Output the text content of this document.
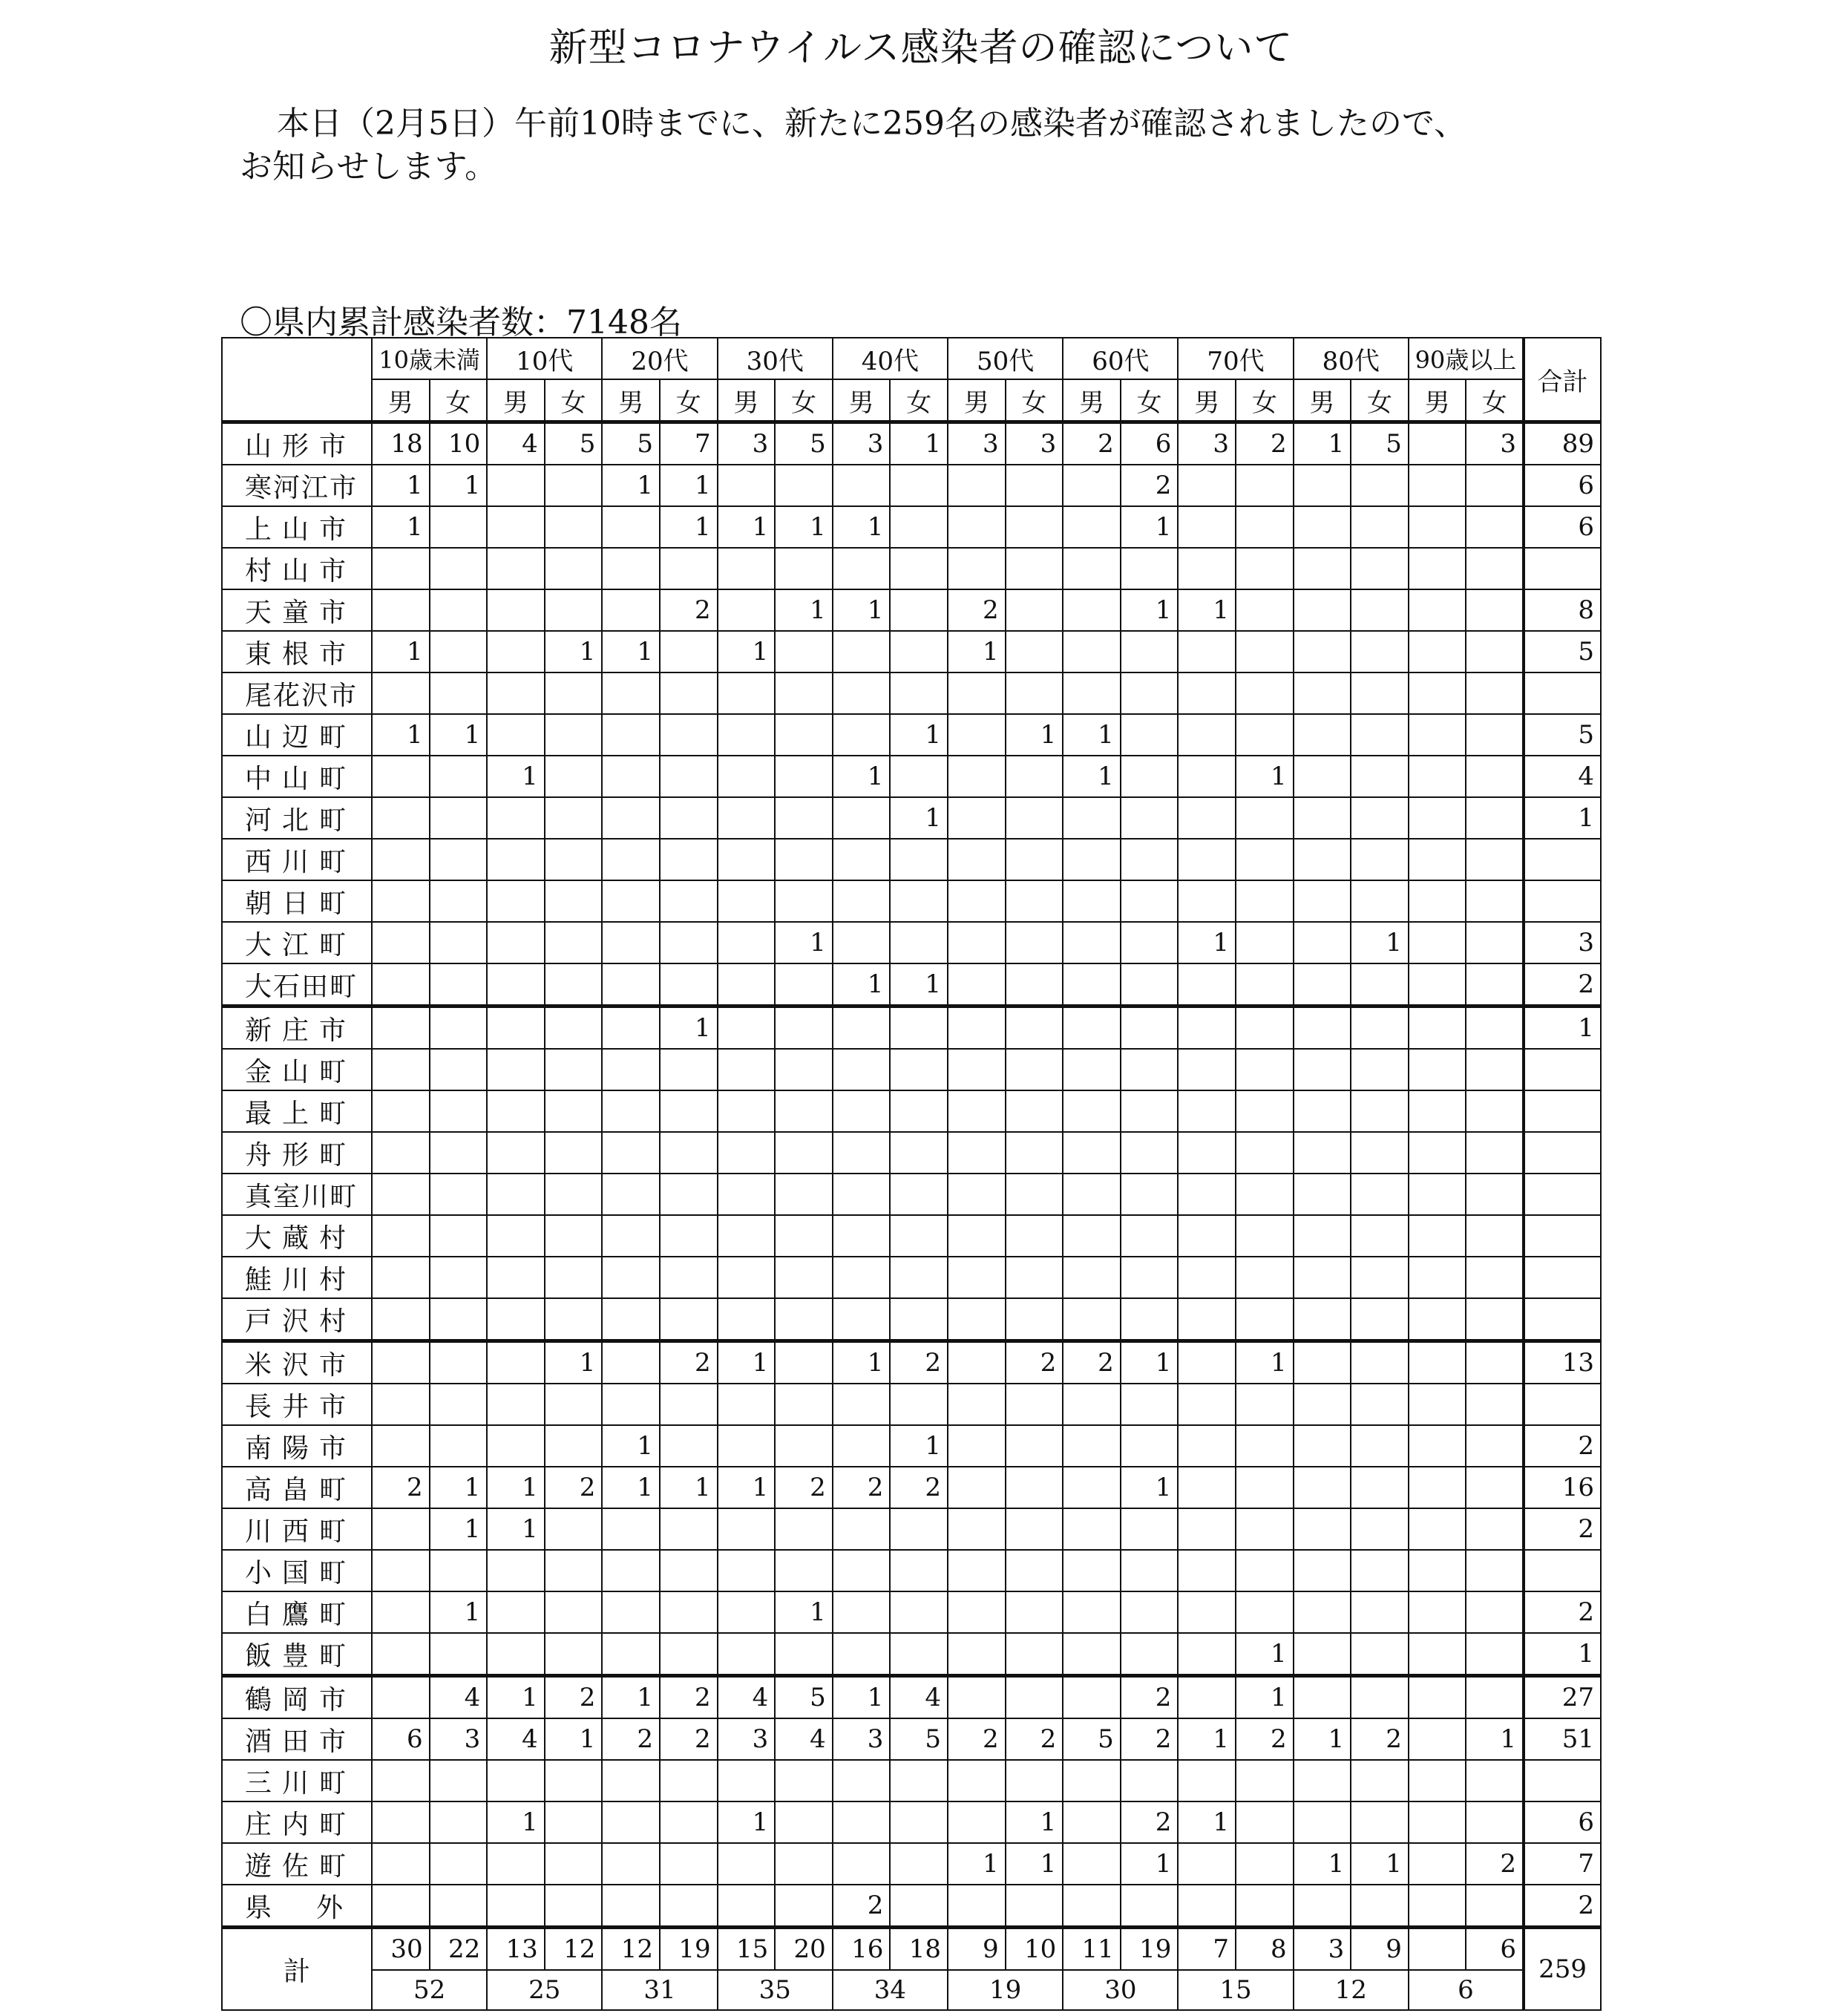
新型コロナウイルス感染者の確認について
本日（2月5日）午前10時までに、新たに259名の感染者が確認されましたので、
お知らせします。
〇県内累計感染者数：7148名
	10歳未満		10代		20代		30代		40代		50代		60代		70代		80代		90歳以上		合計
	男	女	男	女	男	女	男	女	男	女	男	女	男	女	男	女	男	女	男	女	
山形市	18	10	4	5	5	7	3	5	3	1	3	3	2	6	3	2	1	5		3	89
寒河江市	1	1			1	1								2							6
上山市	1					1	1	1	1					1							6
村山市																					
天童市						2		1	1		2			1	1						8
東根市	1			1	1		1				1										5
尾花沢市																					
山辺町	1	1								1		1	1								5
中山町			1						1				1			1					4
河北町										1											1
西川町																					
朝日町																					
大江町								1							1			1			3
大石田町									1	1											2
新庄市						1															1
金山町																					
最上町																					
舟形町																					
真室川町																					
大蔵村																					
鮭川村																					
戸沢村																					
米沢市				1		2	1		1	2		2	2	1		1					13
長井市																					
南陽市					1					1											2
高畠町	2	1	1	2	1	1	1	2	2	2				1							16
川西町		1	1																		2
小国町																					
白鷹町		1						1													2
飯豊町																1					1
鶴岡市		4	1	2	1	2	4	5	1	4				2		1					27
酒田市	6	3	4	1	2	2	3	4	3	5	2	2	5	2	1	2	1	2		1	51
三川町																					
庄内町			1				1					1		2	1						6
遊佐町											1	1		1			1	1		2	7
県外									2												2
計	30	22	13	12	12	19	15	20	16	18	9	10	11	19	7	8	3	9		6	259
	52		25		31		35		34		19		30		15		12		6		
